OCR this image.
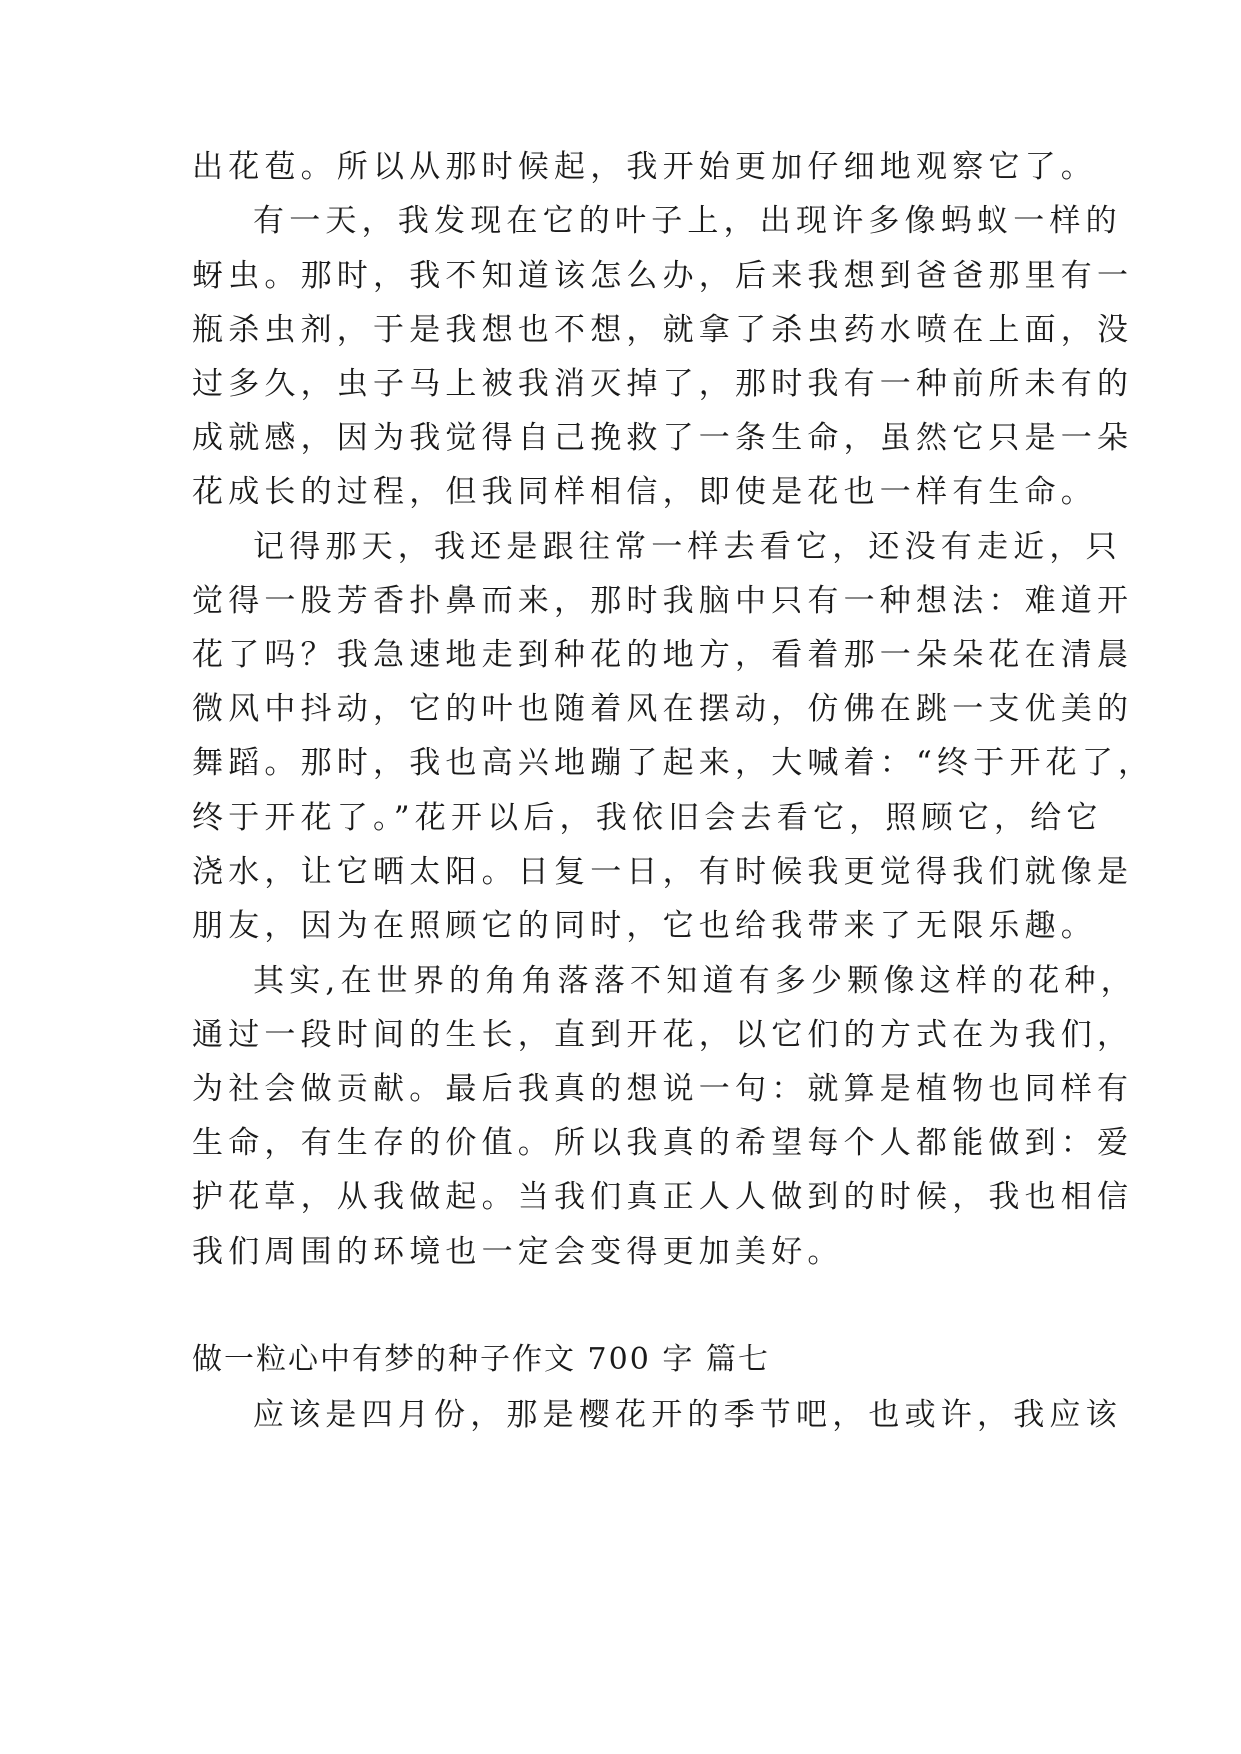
出花苞。所以从那时候起，我开始更加仔细地观察它了。
有一天，我发现在它的叶子上，出现许多像蚂蚁一样的
蚜虫。那时，我不知道该怎么办，后来我想到爸爸那里有一
瓶杀虫剂，于是我想也不想，就拿了杀虫药水喷在上面，没
过多久，虫子马上被我消灭掉了，那时我有一种前所未有的
成就感，因为我觉得自己挽救了一条生命，虽然它只是一朵
花成长的过程，但我同样相信，即使是花也一样有生命。
记得那天，我还是跟往常一样去看它，还没有走近，只
觉得一股芳香扑鼻而来，那时我脑中只有一种想法：难道开
花了吗？我急速地走到种花的地方，看着那一朵朵花在清晨
微风中抖动，它的叶也随着风在摆动，仿佛在跳一支优美的
舞蹈。那时，我也高兴地蹦了起来，大喊着：“终于开花了，
终于开花了。”花开以后，我依旧会去看它，照顾它，给它
浇水，让它晒太阳。日复一日，有时候我更觉得我们就像是
朋友，因为在照顾它的同时，它也给我带来了无限乐趣。
其实,在世界的角角落落不知道有多少颗像这样的花种，
通过一段时间的生长，直到开花，以它们的方式在为我们，
为社会做贡献。最后我真的想说一句：就算是植物也同样有
生命，有生存的价值。所以我真的希望每个人都能做到：爱
护花草，从我做起。当我们真正人人做到的时候，我也相信
我们周围的环境也一定会变得更加美好。
做一粒心中有梦的种子作文 700 字 篇七
应该是四月份，那是樱花开的季节吧，也或许，我应该
